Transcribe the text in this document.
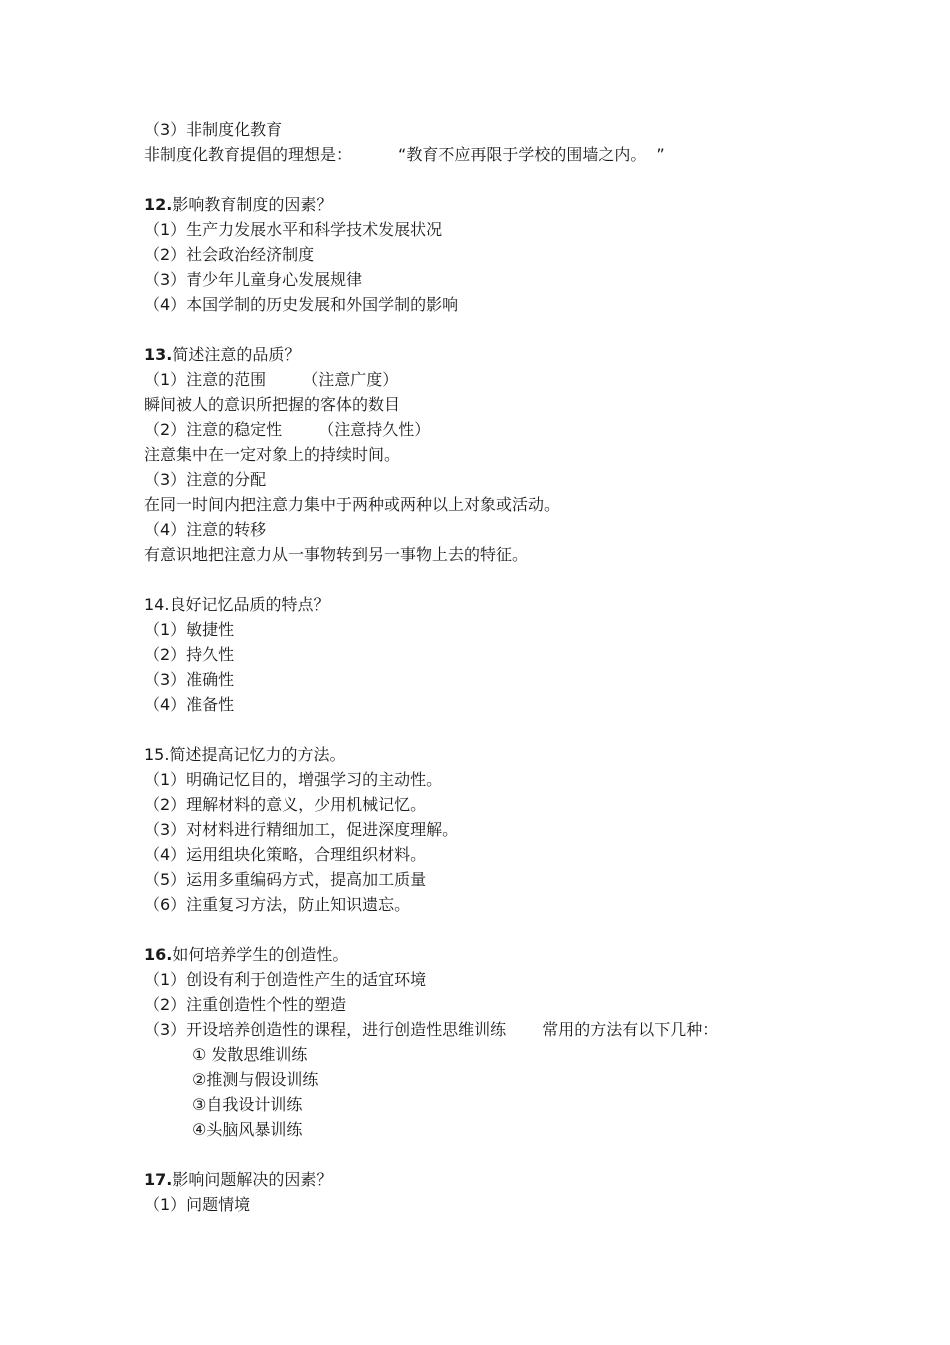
（3）非制度化教育
非制度化教育提倡的理想是：	“教育不应再限于学校的围墙之内。 ”
12.影响教育制度的因素？
（1）生产力发展水平和科学技术发展状况
（2）社会政治经济制度
（3）青少年儿童身心发展规律
（4）本国学制的历史发展和外国学制的影响
13.简述注意的品质？
（1）注意的范围 （注意广度）
瞬间被人的意识所把握的客体的数目
（2）注意的稳定性 （注意持久性）
注意集中在一定对象上的持续时间。
（3）注意的分配
在同一时间内把注意力集中于两种或两种以上对象或活动。
（4）注意的转移
有意识地把注意力从一事物转到另一事物上去的特征。
14.良好记忆品质的特点？
（1）敏捷性
（2）持久性
（3）准确性
（4）准备性
15.简述提高记忆力的方法。
（1）明确记忆目的，增强学习的主动性。
（2）理解材料的意义，少用机械记忆。
（3）对材料进行精细加工，促进深度理解。
（4）运用组块化策略，合理组织材料。
（5）运用多重编码方式，提高加工质量
（6）注重复习方法，防止知识遗忘。
16.如何培养学生的创造性。
（1）创设有利于创造性产生的适宜环境
（2）注重创造性个性的塑造
（3）开设培养创造性的课程，进行创造性思维训练 常用的方法有以下几种：
① 发散思维训练
②推测与假设训练
③自我设计训练
④头脑风暴训练
17.影响问题解决的因素？
（1）问题情境
